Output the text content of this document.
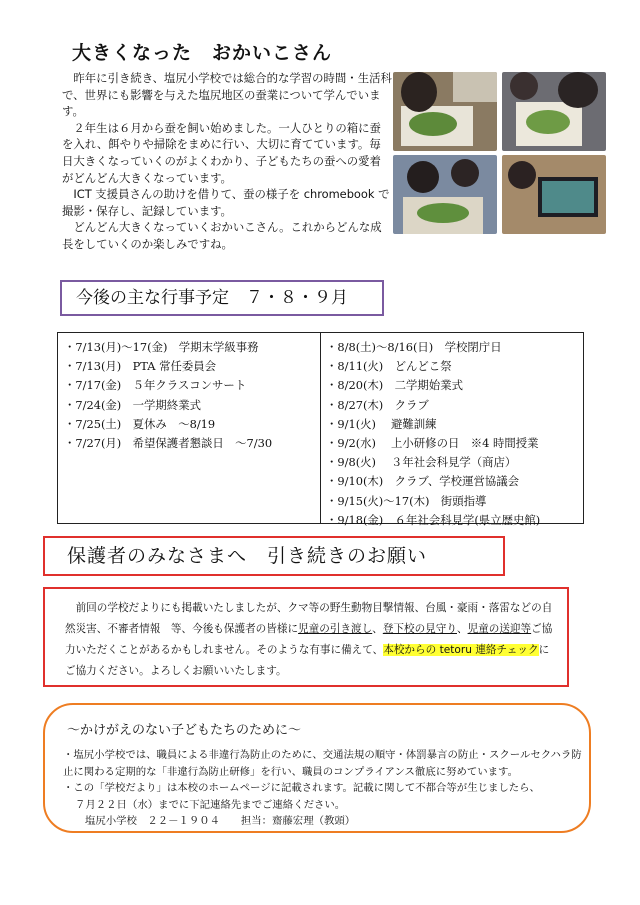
大きくなった　おかいこさん

　昨年に引き続き、塩尻小学校では総合的な学習の時間・生活科で、世界にも影響を与えた塩尻地区の蚕業について学んでいます。

　２年生は６月から蚕を飼い始めました。一人ひとりの箱に蚕を入れ、餌やりや掃除をまめに行い、大切に育てています。毎日大きくなっていくのがよくわかり、子どもたちの蚕への愛着がどんどん大きくなっています。

　ICT 支援員さんの助けを借りて、蚕の様子を chromebook で撮影・保存し、記録しています。

　どんどん大きくなっていくおかいこさん。これからどんな成長をしていくのか楽しみですね。

今後の主な行事予定　７・８・９月
・7/13(月)～17(金)　学期末学級事務
・7/13(月)　PTA 常任委員会
・7/17(金)　５年クラスコンサート
・7/24(金)　一学期終業式
・7/25(土)　夏休み　～8/19
・7/27(月)　希望保護者懇談日　～7/30
・8/8(土)～8/16(日)　学校閉庁日
・8/11(火)　どんどこ祭
・8/20(木)　二学期始業式
・8/27(木)　クラブ
・9/1(火)　 避難訓練
・9/2(水)　 上小研修の日　※4 時間授業
・9/8(火)　 ３年社会科見学（商店）
・9/10(木)　クラブ、学校運営協議会
・9/15(火)～17(木)　街頭指導
・9/18(金)　６年社会科見学(県立歴史館)
保護者のみなさまへ　引き続きのお願い
　前回の学校だよりにも掲載いたしましたが、クマ等の野生動物目撃情報、台風・豪雨・落雷などの自然災害、不審者情報　等、今後も保護者の皆様に児童の引き渡し、登下校の見守り、児童の送迎等ご協力いただくことがあるかもしれません。そのような有事に備えて、本校からの tetoru 連絡チェックにご協力ください。よろしくお願いいたします。
～かけがえのない子どもたちのために～

・塩尻小学校では、職員による非違行為防止のために、交通法規の順守・体罰暴言の防止・スクールセクハラ防止に関わる定期的な「非違行為防止研修」を行い、職員のコンプライアンス徹底に努めています。

・この「学校だより」は本校のホームページに記載されます。記載に関して不都合等が生じましたら、

７月２２日（水）までに下記連絡先までご連絡ください。

塩尻小学校　２２－１９０４　　担当：齋藤宏理（教頭）
